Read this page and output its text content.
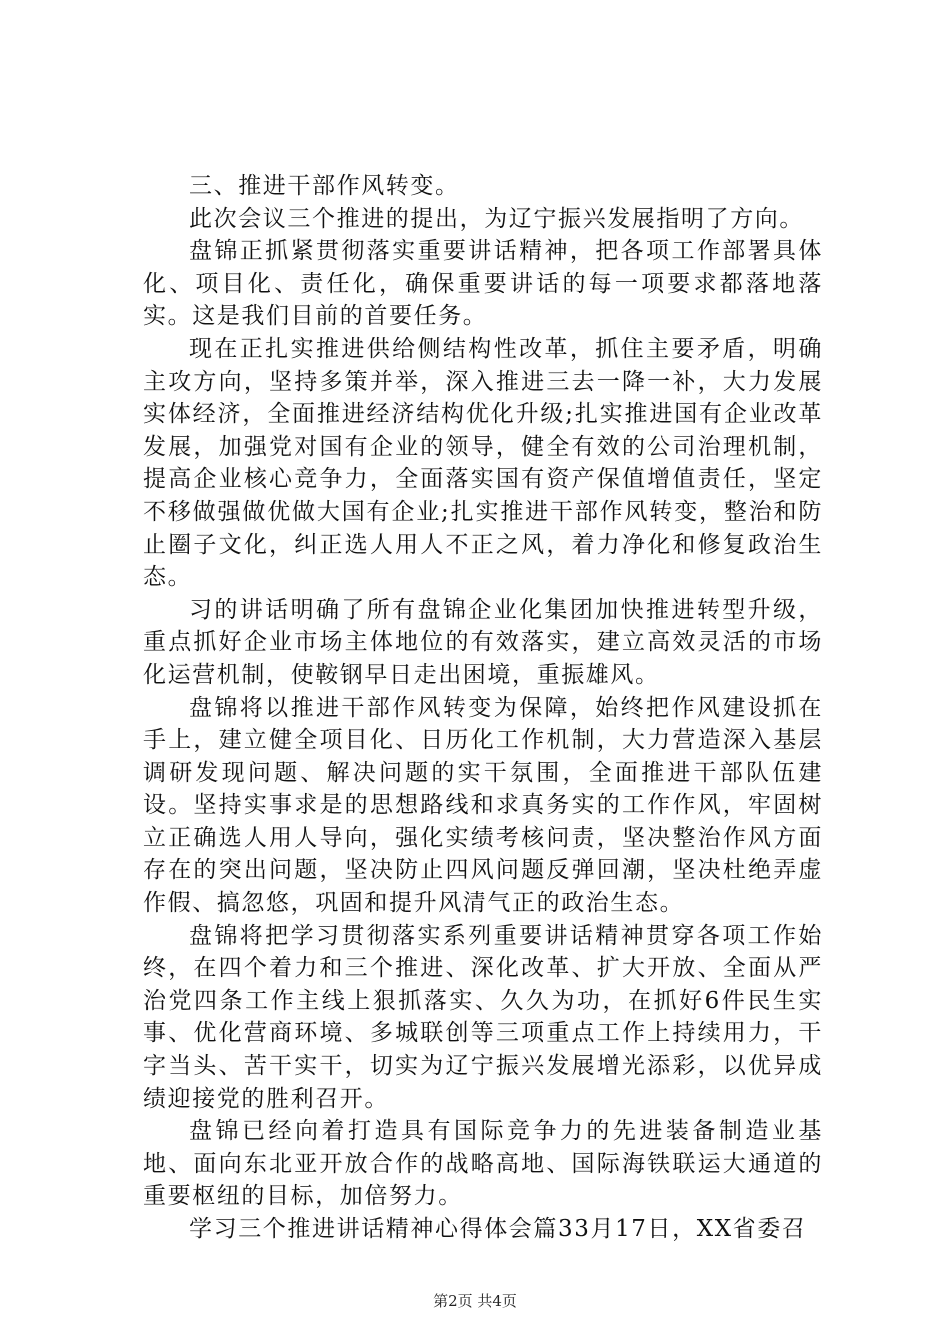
三、推进干部作风转变。

此次会议三个推进的提出，为辽宁振兴发展指明了方向。

盘锦正抓紧贯彻落实重要讲话精神，把各项工作部署具体化、项目化、责任化，确保重要讲话的每一项要求都落地落实。这是我们目前的首要任务。

现在正扎实推进供给侧结构性改革，抓住主要矛盾，明确主攻方向，坚持多策并举，深入推进三去一降一补，大力发展实体经济，全面推进经济结构优化升级;扎实推进国有企业改革发展，加强党对国有企业的领导，健全有效的公司治理机制，提高企业核心竞争力，全面落实国有资产保值增值责任，坚定不移做强做优做大国有企业;扎实推进干部作风转变，整治和防止圈子文化，纠正选人用人不正之风，着力净化和修复政治生态。

习的讲话明确了所有盘锦企业化集团加快推进转型升级，重点抓好企业市场主体地位的有效落实，建立高效灵活的市场化运营机制，使鞍钢早日走出困境，重振雄风。

盘锦将以推进干部作风转变为保障，始终把作风建设抓在手上，建立健全项目化、日历化工作机制，大力营造深入基层调研发现问题、解决问题的实干氛围，全面推进干部队伍建设。坚持实事求是的思想路线和求真务实的工作作风，牢固树立正确选人用人导向，强化实绩考核问责，坚决整治作风方面存在的突出问题，坚决防止四风问题反弹回潮，坚决杜绝弄虚作假、搞忽悠，巩固和提升风清气正的政治生态。

盘锦将把学习贯彻落实系列重要讲话精神贯穿各项工作始终，在四个着力和三个推进、深化改革、扩大开放、全面从严治党四条工作主线上狠抓落实、久久为功，在抓好6件民生实事、优化营商环境、多城联创等三项重点工作上持续用力，干字当头、苦干实干，切实为辽宁振兴发展增光添彩，以优异成绩迎接党的胜利召开。

盘锦已经向着打造具有国际竞争力的先进装备制造业基地、面向东北亚开放合作的战略高地、国际海铁联运大通道的重要枢纽的目标，加倍努力。

学习三个推进讲话精神心得体会篇33月17日，XX省委召

第2页 共4页
